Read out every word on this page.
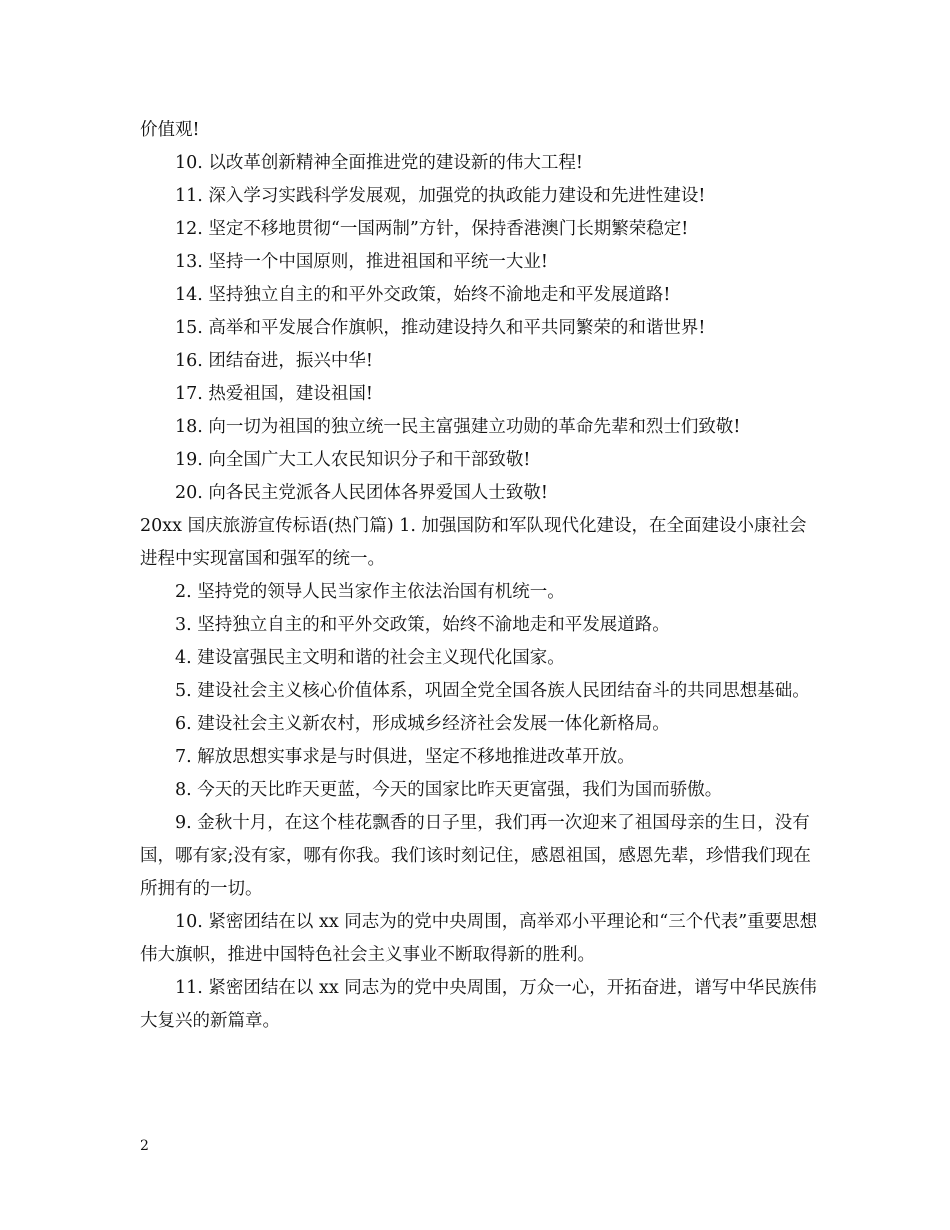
价值观!

10. 以改革创新精神全面推进党的建设新的伟大工程!

11. 深入学习实践科学发展观，加强党的执政能力建设和先进性建设!

12. 坚定不移地贯彻“一国两制”方针，保持香港澳门长期繁荣稳定!

13. 坚持一个中国原则，推进祖国和平统一大业!

14. 坚持独立自主的和平外交政策，始终不渝地走和平发展道路!

15. 高举和平发展合作旗帜，推动建设持久和平共同繁荣的和谐世界!

16. 团结奋进，振兴中华!

17. 热爱祖国，建设祖国!

18. 向一切为祖国的独立统一民主富强建立功勋的革命先辈和烈士们致敬!

19. 向全国广大工人农民知识分子和干部致敬!

20. 向各民主党派各人民团体各界爱国人士致敬!

20xx 国庆旅游宣传标语(热门篇) 1. 加强国防和军队现代化建设，在全面建设小康社会进程中实现富国和强军的统一。

2. 坚持党的领导人民当家作主依法治国有机统一。

3. 坚持独立自主的和平外交政策，始终不渝地走和平发展道路。

4. 建设富强民主文明和谐的社会主义现代化国家。

5. 建设社会主义核心价值体系，巩固全党全国各族人民团结奋斗的共同思想基础。

6. 建设社会主义新农村，形成城乡经济社会发展一体化新格局。

7. 解放思想实事求是与时俱进，坚定不移地推进改革开放。

8. 今天的天比昨天更蓝，今天的国家比昨天更富强，我们为国而骄傲。

9. 金秋十月，在这个桂花飘香的日子里，我们再一次迎来了祖国母亲的生日，没有国，哪有家;没有家，哪有你我。我们该时刻记住，感恩祖国，感恩先辈，珍惜我们现在所拥有的一切。

10. 紧密团结在以 xx 同志为的党中央周围，高举邓小平理论和“三个代表”重要思想伟大旗帜，推进中国特色社会主义事业不断取得新的胜利。

11. 紧密团结在以 xx 同志为的党中央周围，万众一心，开拓奋进，谱写中华民族伟大复兴的新篇章。

2
